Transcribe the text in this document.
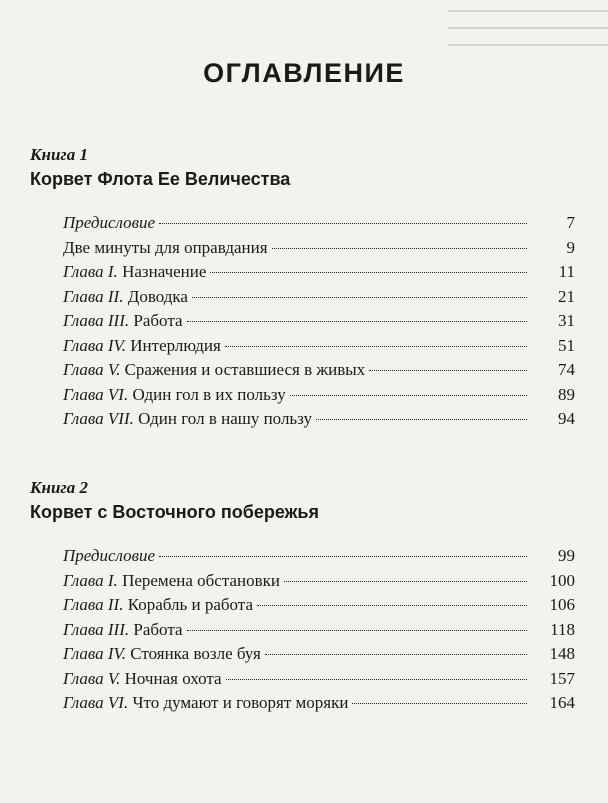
ОГЛАВЛЕНИЕ
Книга 1
Корвет Флота Ее Величества
Предисловие	7
Две минуты для оправдания	9
Глава I. Назначение	11
Глава II. Доводка	21
Глава III. Работа	31
Глава IV. Интерлюдия	51
Глава V. Сражения и оставшиеся в живых	74
Глава VI. Один гол в их пользу	89
Глава VII. Один гол в нашу пользу	94
Книга 2
Корвет с Восточного побережья
Предисловие	99
Глава I. Перемена обстановки	100
Глава II. Корабль и работа	106
Глава III. Работа	118
Глава IV. Стоянка возле буя	148
Глава V. Ночная охота	157
Глава VI. Что думают и говорят моряки	164
